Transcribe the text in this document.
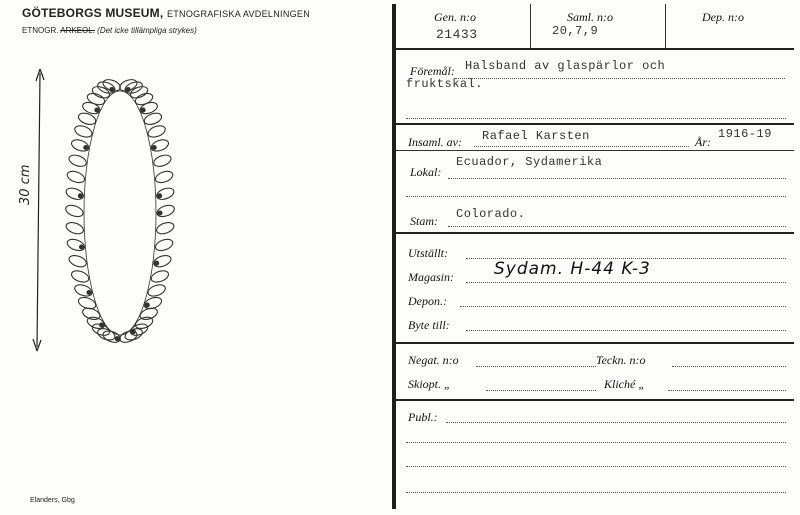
GÖTEBORGS MUSEUM, ETNOGRAFISKA AVDELNINGEN
ETNOGR. ARKEOL. (Det icke tillämpliga strykes)
30 cm
Elanders, Gbg
Gen. n:o
21433
Saml. n:o
20,7,9
Dep. n:o
Föremål: Halsband av glaspärlor och
fruktskal.
Insaml. av: Rafael Karsten	År:
1916-19
Lokal:
Ecuador, Sydamerika
Stam: Colorado.
Utställt:
Magasin: Sydam. H-44 K-3
Depon.:
Byte till:
Negat. n:o	Teckn. n:o
Skiopt. „	Kliché „
Publ.:
